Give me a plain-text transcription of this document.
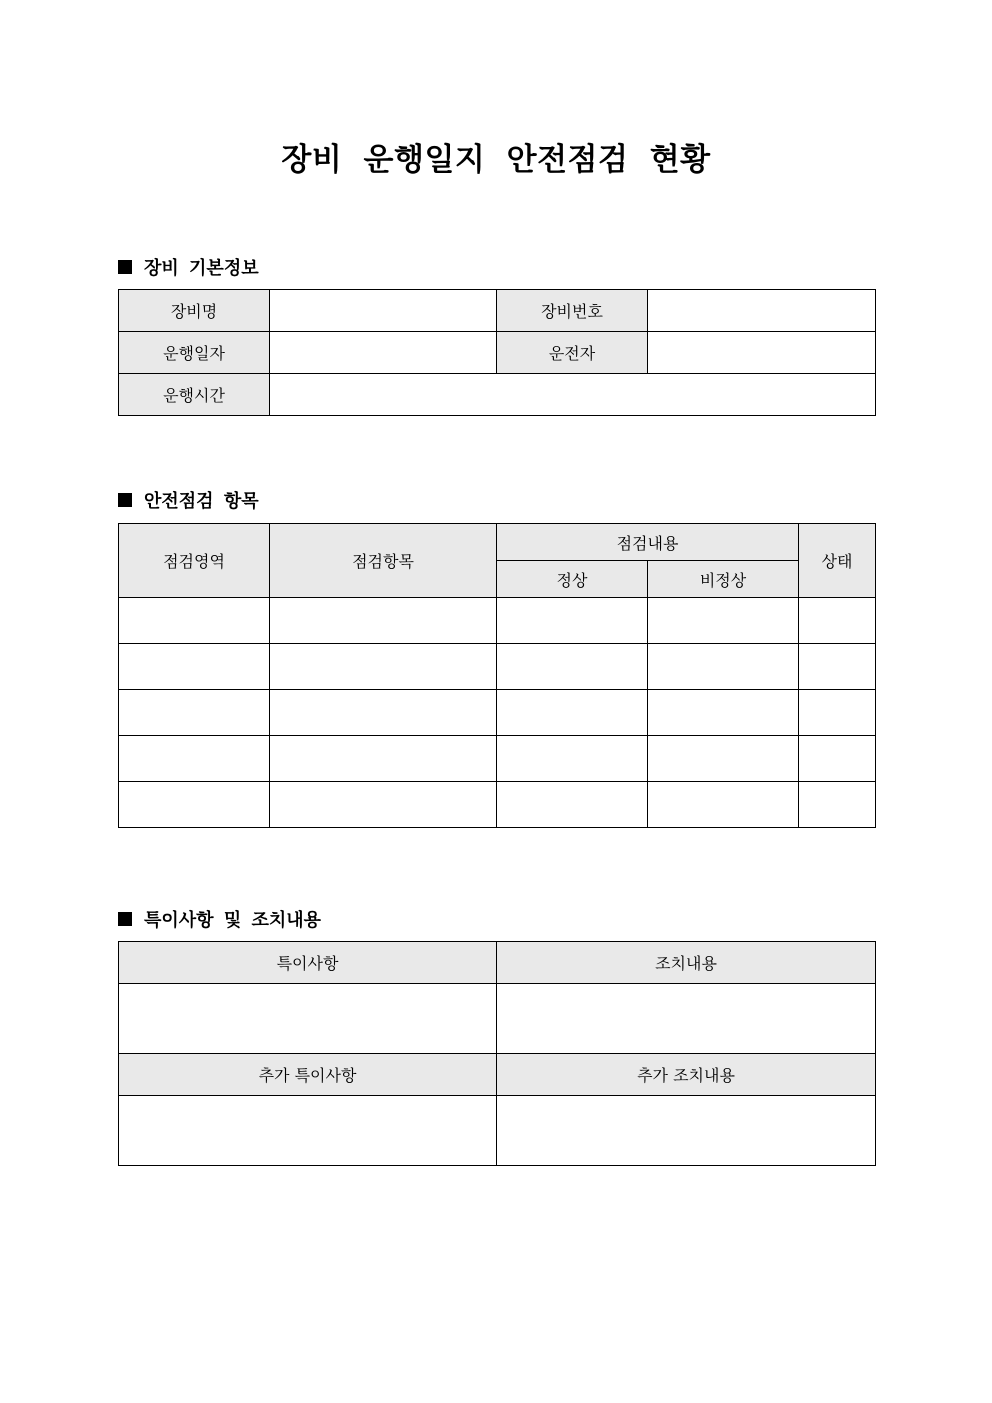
장비 운행일지 안전점검 현황
장비 기본정보
장비명		장비번호	
운행일자		운전자	
운행시간			
안전점검 항목
점검영역	점검항목	점검내용		상태
		정상	비정상	

특이사항 및 조치내용
특이사항	조치내용

추가 특이사항	추가 조치내용
